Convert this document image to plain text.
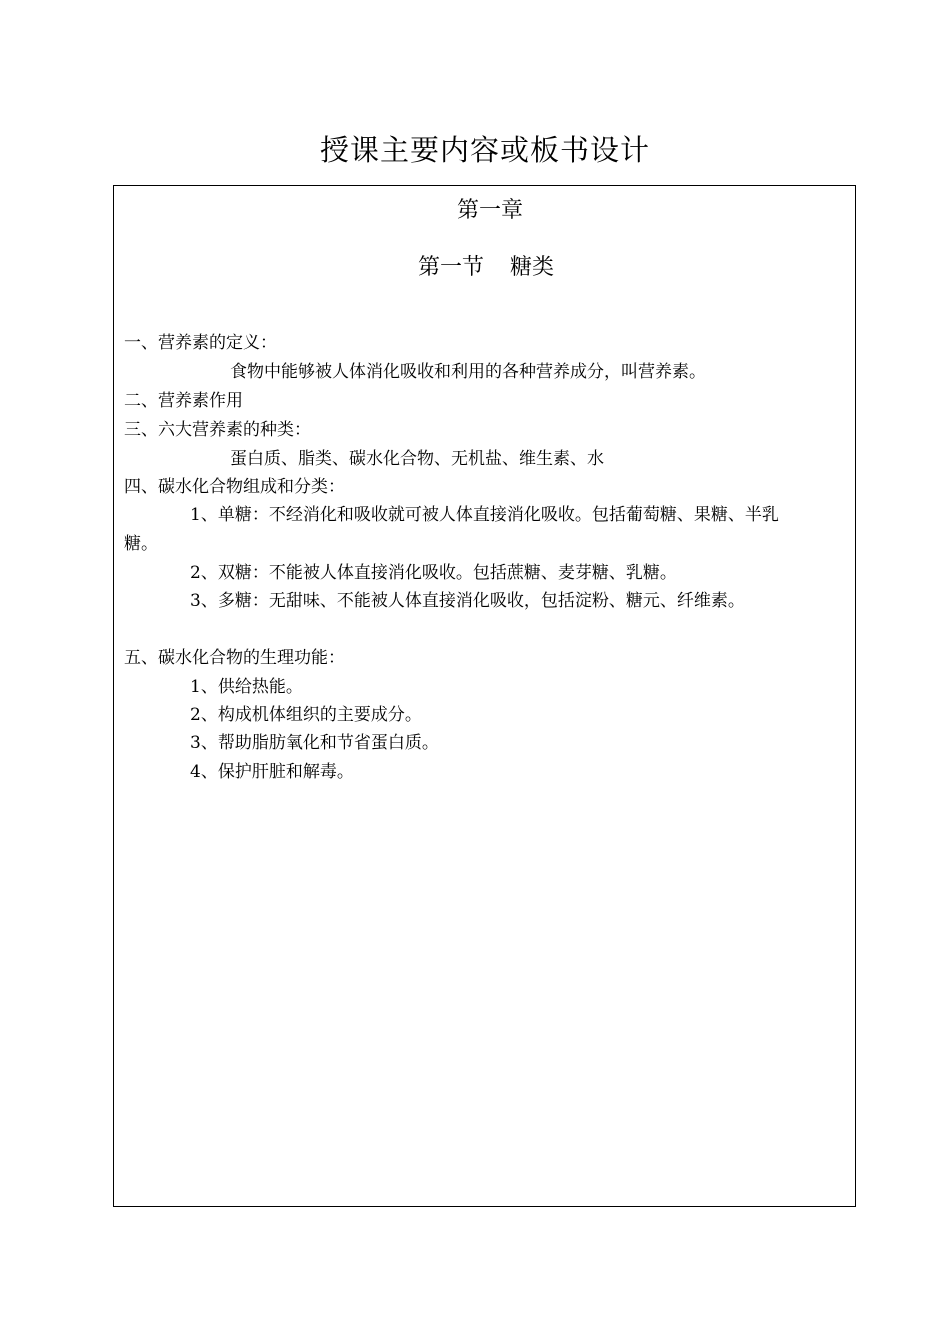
授课主要内容或板书设计
第一章
第一节 糖类
一、营养素的定义：
食物中能够被人体消化吸收和利用的各种营养成分，叫营养素。
二、营养素作用
三、六大营养素的种类：
蛋白质、脂类、碳水化合物、无机盐、维生素、水
四、碳水化合物组成和分类：
1、单糖：不经消化和吸收就可被人体直接消化吸收。包括葡萄糖、果糖、半乳
糖。
2、双糖：不能被人体直接消化吸收。包括蔗糖、麦芽糖、乳糖。
3、多糖：无甜味、不能被人体直接消化吸收，包括淀粉、糖元、纤维素。
五、碳水化合物的生理功能：
1、供给热能。
2、构成机体组织的主要成分。
3、帮助脂肪氧化和节省蛋白质。
4、保护肝脏和解毒。
